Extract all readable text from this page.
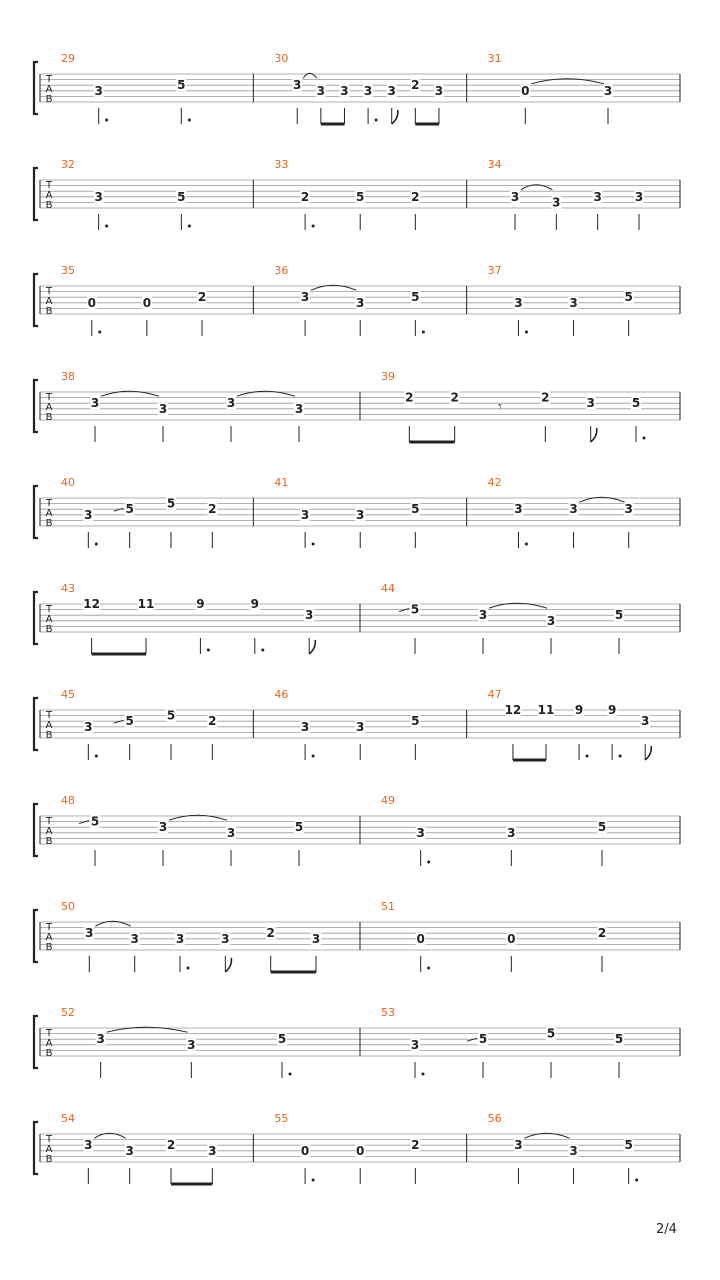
T
A
B
29
3	5
30
3 3 3 3 3 2 3
31
0	3
T
A
B
32
3	5
33
2	5	2
34
3	3	3	3
T
A
B
35
0	0	2
36
3	3	5
37
3	3	5
T
A
B
38
3	3	3	3
39
2	2
𝄾
2	3	5
T
A
B
40
3	5	5	2
41
3	3	5
42
3	3	3
T
A
B
43
12	11	9	9
3
44
5	3	3	5
T
A
B
45
3	5	5	2
46
3	3	5
47
12 11 9 9
3
T
A
B
48
5	3	3	5
49
3	3	5
T
A
B
50
3	3	3	3	2	3
51
0	0	2
T
A
B
52
3	3	5
53
3	5	5	5
T
A
B
54
3	3	2	3
55
0	0	2
56
3	3	5
2/4
